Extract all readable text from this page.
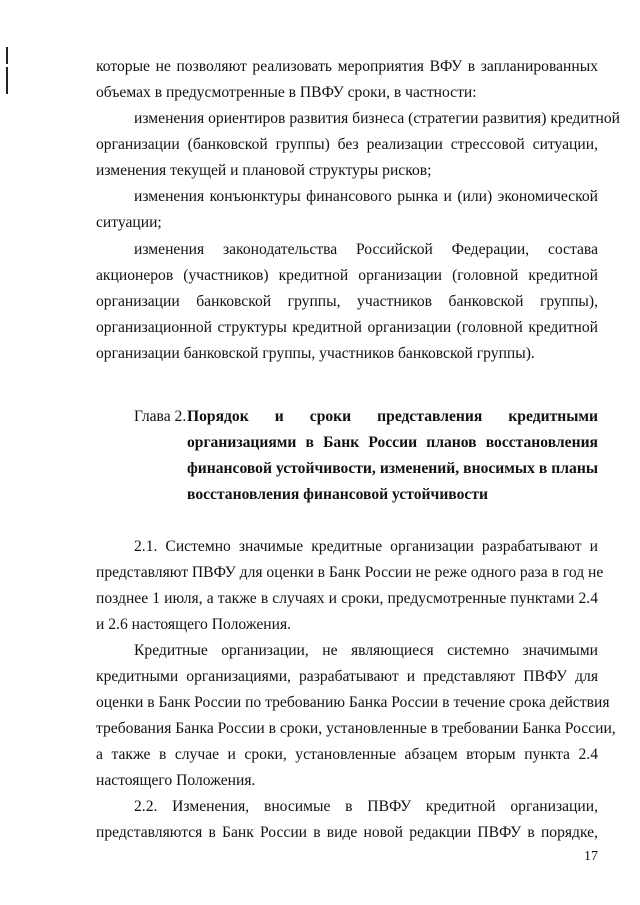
которые не позволяют реализовать мероприятия ВФУ в запланированных
объемах в предусмотренные в ПВФУ сроки, в частности:
изменения ориентиров развития бизнеса (стратегии развития) кредитной
организации (банковской группы) без реализации стрессовой ситуации,
изменения текущей и плановой структуры рисков;
изменения конъюнктуры финансового рынка и (или) экономической
ситуации;
изменения законодательства Российской Федерации, состава
акционеров (участников) кредитной организации (головной кредитной
организации банковской группы, участников банковской группы),
организационной структуры кредитной организации (головной кредитной
организации банковской группы, участников банковской группы).
Глава 2. Порядок и сроки представления кредитными
организациями в Банк России планов восстановления
финансовой устойчивости, изменений, вносимых в планы
восстановления финансовой устойчивости
2.1. Системно значимые кредитные организации разрабатывают и
представляют ПВФУ для оценки в Банк России не реже одного раза в год не
позднее 1 июля, а также в случаях и сроки, предусмотренные пунктами 2.4
и 2.6 настоящего Положения.
Кредитные организации, не являющиеся системно значимыми
кредитными организациями, разрабатывают и представляют ПВФУ для
оценки в Банк России по требованию Банка России в течение срока действия
требования Банка России в сроки, установленные в требовании Банка России,
а также в случае и сроки, установленные абзацем вторым пункта 2.4
настоящего Положения.
2.2. Изменения, вносимые в ПВФУ кредитной организации,
представляются в Банк России в виде новой редакции ПВФУ в порядке,
17
